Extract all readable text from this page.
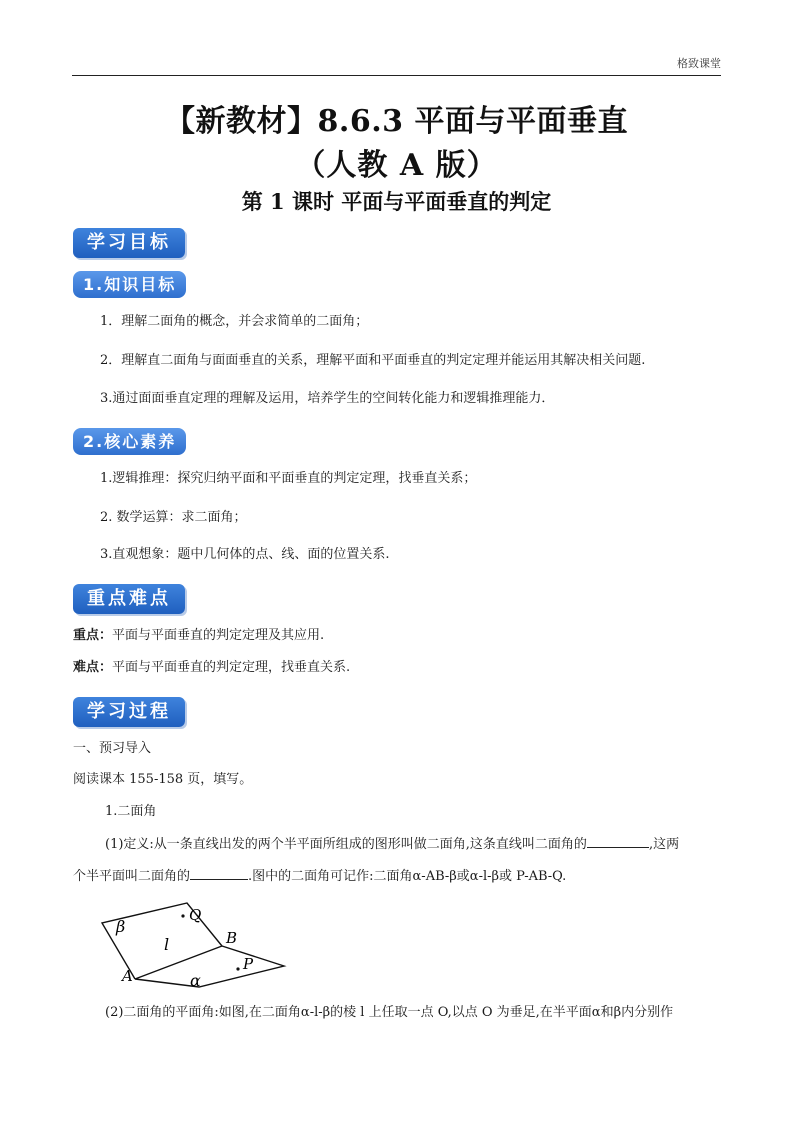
格致课堂
【新教材】8.6.3 平面与平面垂直
（人教 A 版）
第 1 课时 平面与平面垂直的判定
学习目标
1.知识目标
1．理解二面角的概念，并会求简单的二面角；
2．理解直二面角与面面垂直的关系，理解平面和平面垂直的判定定理并能运用其解决相关问题.
3.通过面面垂直定理的理解及运用，培养学生的空间转化能力和逻辑推理能力．
2.核心素养
1.逻辑推理：探究归纳平面和平面垂直的判定定理，找垂直关系；
2. 数学运算：求二面角；
3.直观想象：题中几何体的点、线、面的位置关系.
重点难点
重点：平面与平面垂直的判定定理及其应用.
难点：平面与平面垂直的判定定理，找垂直关系.
学习过程
一、预习导入
阅读课本 155-158 页，填写。
1.二面角
(1)定义:从一条直线出发的两个半平面所组成的图形叫做二面角,这条直线叫二面角的	,这两
个半平面叫二面角的	.图中的二面角可记作:二面角α-AB-β或α-l-β或 P-AB-Q.
β
Q
l	B
A	α
P
(2)二面角的平面角:如图,在二面角α-l-β的棱 l 上任取一点 O,以点 O 为垂足,在半平面α和β内分别作
